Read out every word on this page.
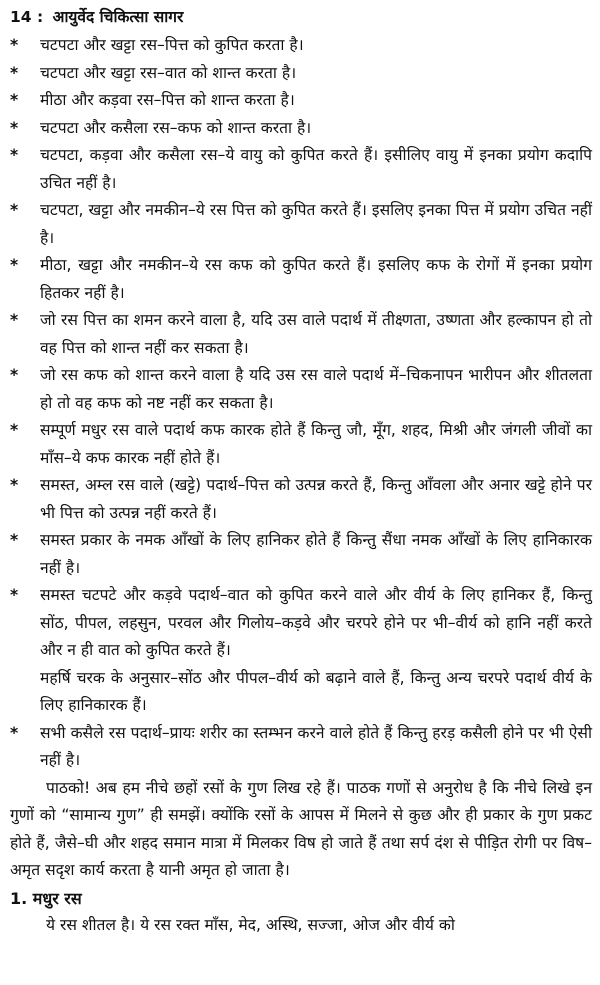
14 : आयुर्वेद चिकित्सा सागर
*	चटपटा और खट्टा रस–पित्त को कुपित करता है।

*	चटपटा और खट्टा रस–वात को शान्त करता है।

*	मीठा और कड़वा रस–पित्त को शान्त करता है।

*	चटपटा और कसैला रस–कफ को शान्त करता है।

*	चटपटा, कड़वा और कसैला रस–ये वायु को कुपित करते हैं। इसीलिए वायु में इनका प्रयोग कदापि उचित नहीं है।

*	चटपटा, खट्टा और नमकीन–ये रस पित्त को कुपित करते हैं। इसलिए इनका पित्त में प्रयोग उचित नहीं है।

*	मीठा, खट्टा और नमकीन–ये रस कफ को कुपित करते हैं। इसलिए कफ के रोगों में इनका प्रयोग हितकर नहीं है।

*	जो रस पित्त का शमन करने वाला है, यदि उस वाले पदार्थ में तीक्ष्णता, उष्णता और हल्कापन हो तो वह पित्त को शान्त नहीं कर सकता है।

*	जो रस कफ को शान्त करने वाला है यदि उस रस वाले पदार्थ में–चिकनापन भारीपन और शीतलता हो तो वह कफ को नष्ट नहीं कर सकता है।

*	सम्पूर्ण मधुर रस वाले पदार्थ कफ कारक होते हैं किन्तु जौ, मूँग, शहद, मिश्री और जंगली जीवों का माँस–ये कफ कारक नहीं होते हैं।

*	समस्त, अम्ल रस वाले (खट्टे) पदार्थ–पित्त को उत्पन्न करते हैं, किन्तु आँवला और अनार खट्टे होने पर भी पित्त को उत्पन्न नहीं करते हैं।

*	समस्त प्रकार के नमक आँखों के लिए हानिकर होते हैं किन्तु सैंधा नमक आँखों के लिए हानिकारक नहीं है।

*	समस्त चटपटे और कड़वे पदार्थ–वात को कुपित करने वाले और वीर्य के लिए हानिकर हैं, किन्तु सोंठ, पीपल, लहसुन, परवल और गिलोय–कड़वे और चरपरे होने पर भी–वीर्य को हानि नहीं करते और न ही वात को कुपित करते हैं।

महर्षि चरक के अनुसार–सोंठ और पीपल–वीर्य को बढ़ाने वाले हैं, किन्तु अन्य चरपरे पदार्थ वीर्य के लिए हानिकारक हैं।

*	सभी कसैले रस पदार्थ–प्रायः शरीर का स्तम्भन करने वाले होते हैं किन्तु हरड़ कसैली होने पर भी ऐसी नहीं है।

पाठको! अब हम नीचे छहों रसों के गुण लिख रहे हैं। पाठक गणों से अनुरोध है कि नीचे लिखे इन गुणों को “सामान्य गुण” ही समझें। क्योंकि रसों के आपस में मिलने से कुछ और ही प्रकार के गुण प्रकट होते हैं, जैसे–घी और शहद समान मात्रा में मिलकर विष हो जाते हैं तथा सर्प दंश से पीड़ित रोगी पर विष–अमृत सदृश कार्य करता है यानी अमृत हो जाता है।

1. मधुर रस
ये रस शीतल है। ये रस रक्त माँस, मेद, अस्थि, सज्जा, ओज और वीर्य को
